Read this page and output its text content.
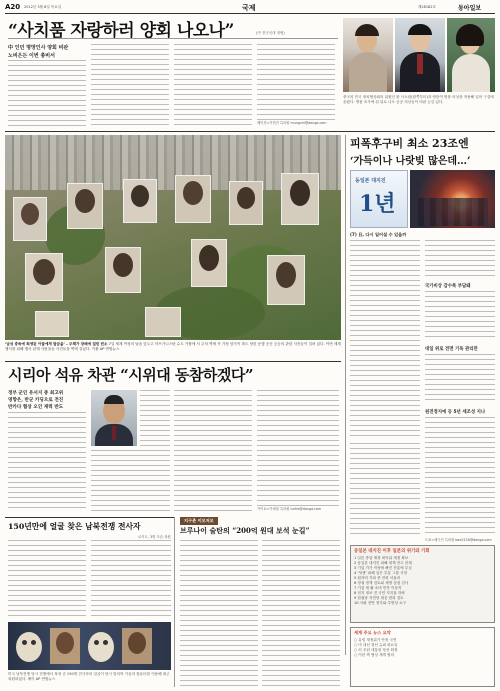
A20 2012년 3월 8일 목요일	국제	제28182호	동아일보
“사치품 자랑하러 양회 나오나”	(中 전국인대 정협)
中 인민 명망인사 양회 비판
노비은든 이번 총비서
베이징=이헌진 특파원 mungchi@donga.com
중국의 전국 정치협상회의 위원인 왕 사오란(왼쪽부터)과 양란이 명품 의상을 착용해 입어 구설에 올랐다. 명품 조사에 뒤 뒤로 나오 공공 의상들이 비판 눈길 있다.
‘남성 중독에 희생된 아들에게 달금을’ – 주책가 장배에 걸린 빈소 7일 세계 여성의 날을 앞두고 아프가니스탄 수도 카불에 서 주차 벽에 꼭 가정 암가족 복도 당한 동행 곳곳 등등의 관련 사진들이 걸려 있다. 이번 세계 행사를 위해 행사 관계 사람을들 사진들을 벽에 걸었다. 카불 AP 연합뉴스
피폭후구비 최소 23조엔
‘가득이나 나랏빚 많은데…’
동일본 대지진
1년
(7) 日, 다시 일어설 수 있을까
국가비상 감수록 부담돼
대일 위로 전면 기독 관리만
원전정지에 등 5년 세조성 지나
도쿄=배극인 특파원 bae2150@donga.com
동일본 대지진 이후 일본의 위기와 기회
1 일본 중앙 재정 최악위 재정 확보
2 동일본 대지진 피해 대책 잔고 한계
3 기업 가가 작성에 빠진 진흥에 부심
4 ‘닷센’ 피해 입은 부흥 그룹 사장
5 원자력 기타 중 전화 서둘러
6 정권 정책 검토와 재생 점점 검사
7 기업 새 활 소비 만족 이상적
8 현지 정보 전 국민 지지율 하락
9 집권당 자민당 대응 변화 검토
10 사회 전반 정부와 투명성 요구
세계 주요 뉴스 요약
○ 유럽 재정위기 안정 국면
○ 미 대선 경선 슈퍼 화요일
○ 러 푸틴 대통령 당선 확정
○ 이란 핵 협상 재개 합의
시리아 석유 차관 “시위대 동참하겠다”
정부 군인 유서지 중 최고위
영향은, 반군 카딩으로 전진
반카다 협상 오인 재력 반도
카이로=이세형 특파원 turtle@donga.com
150년만에 얼굴 찾은 남북전쟁 전사자
로이트, 3명 모습 복원
미국 남북전쟁 당시 전쟁에서 복귀 순 150명 전사자의 얼굴이 당시 법의학 기술과 컴퓨터를 이용해 최근 복원되었다. 베이 AP 연합뉴스
지구촌 이모저모
브루나이 술탄의 “200억 원대 보석 눈길”
